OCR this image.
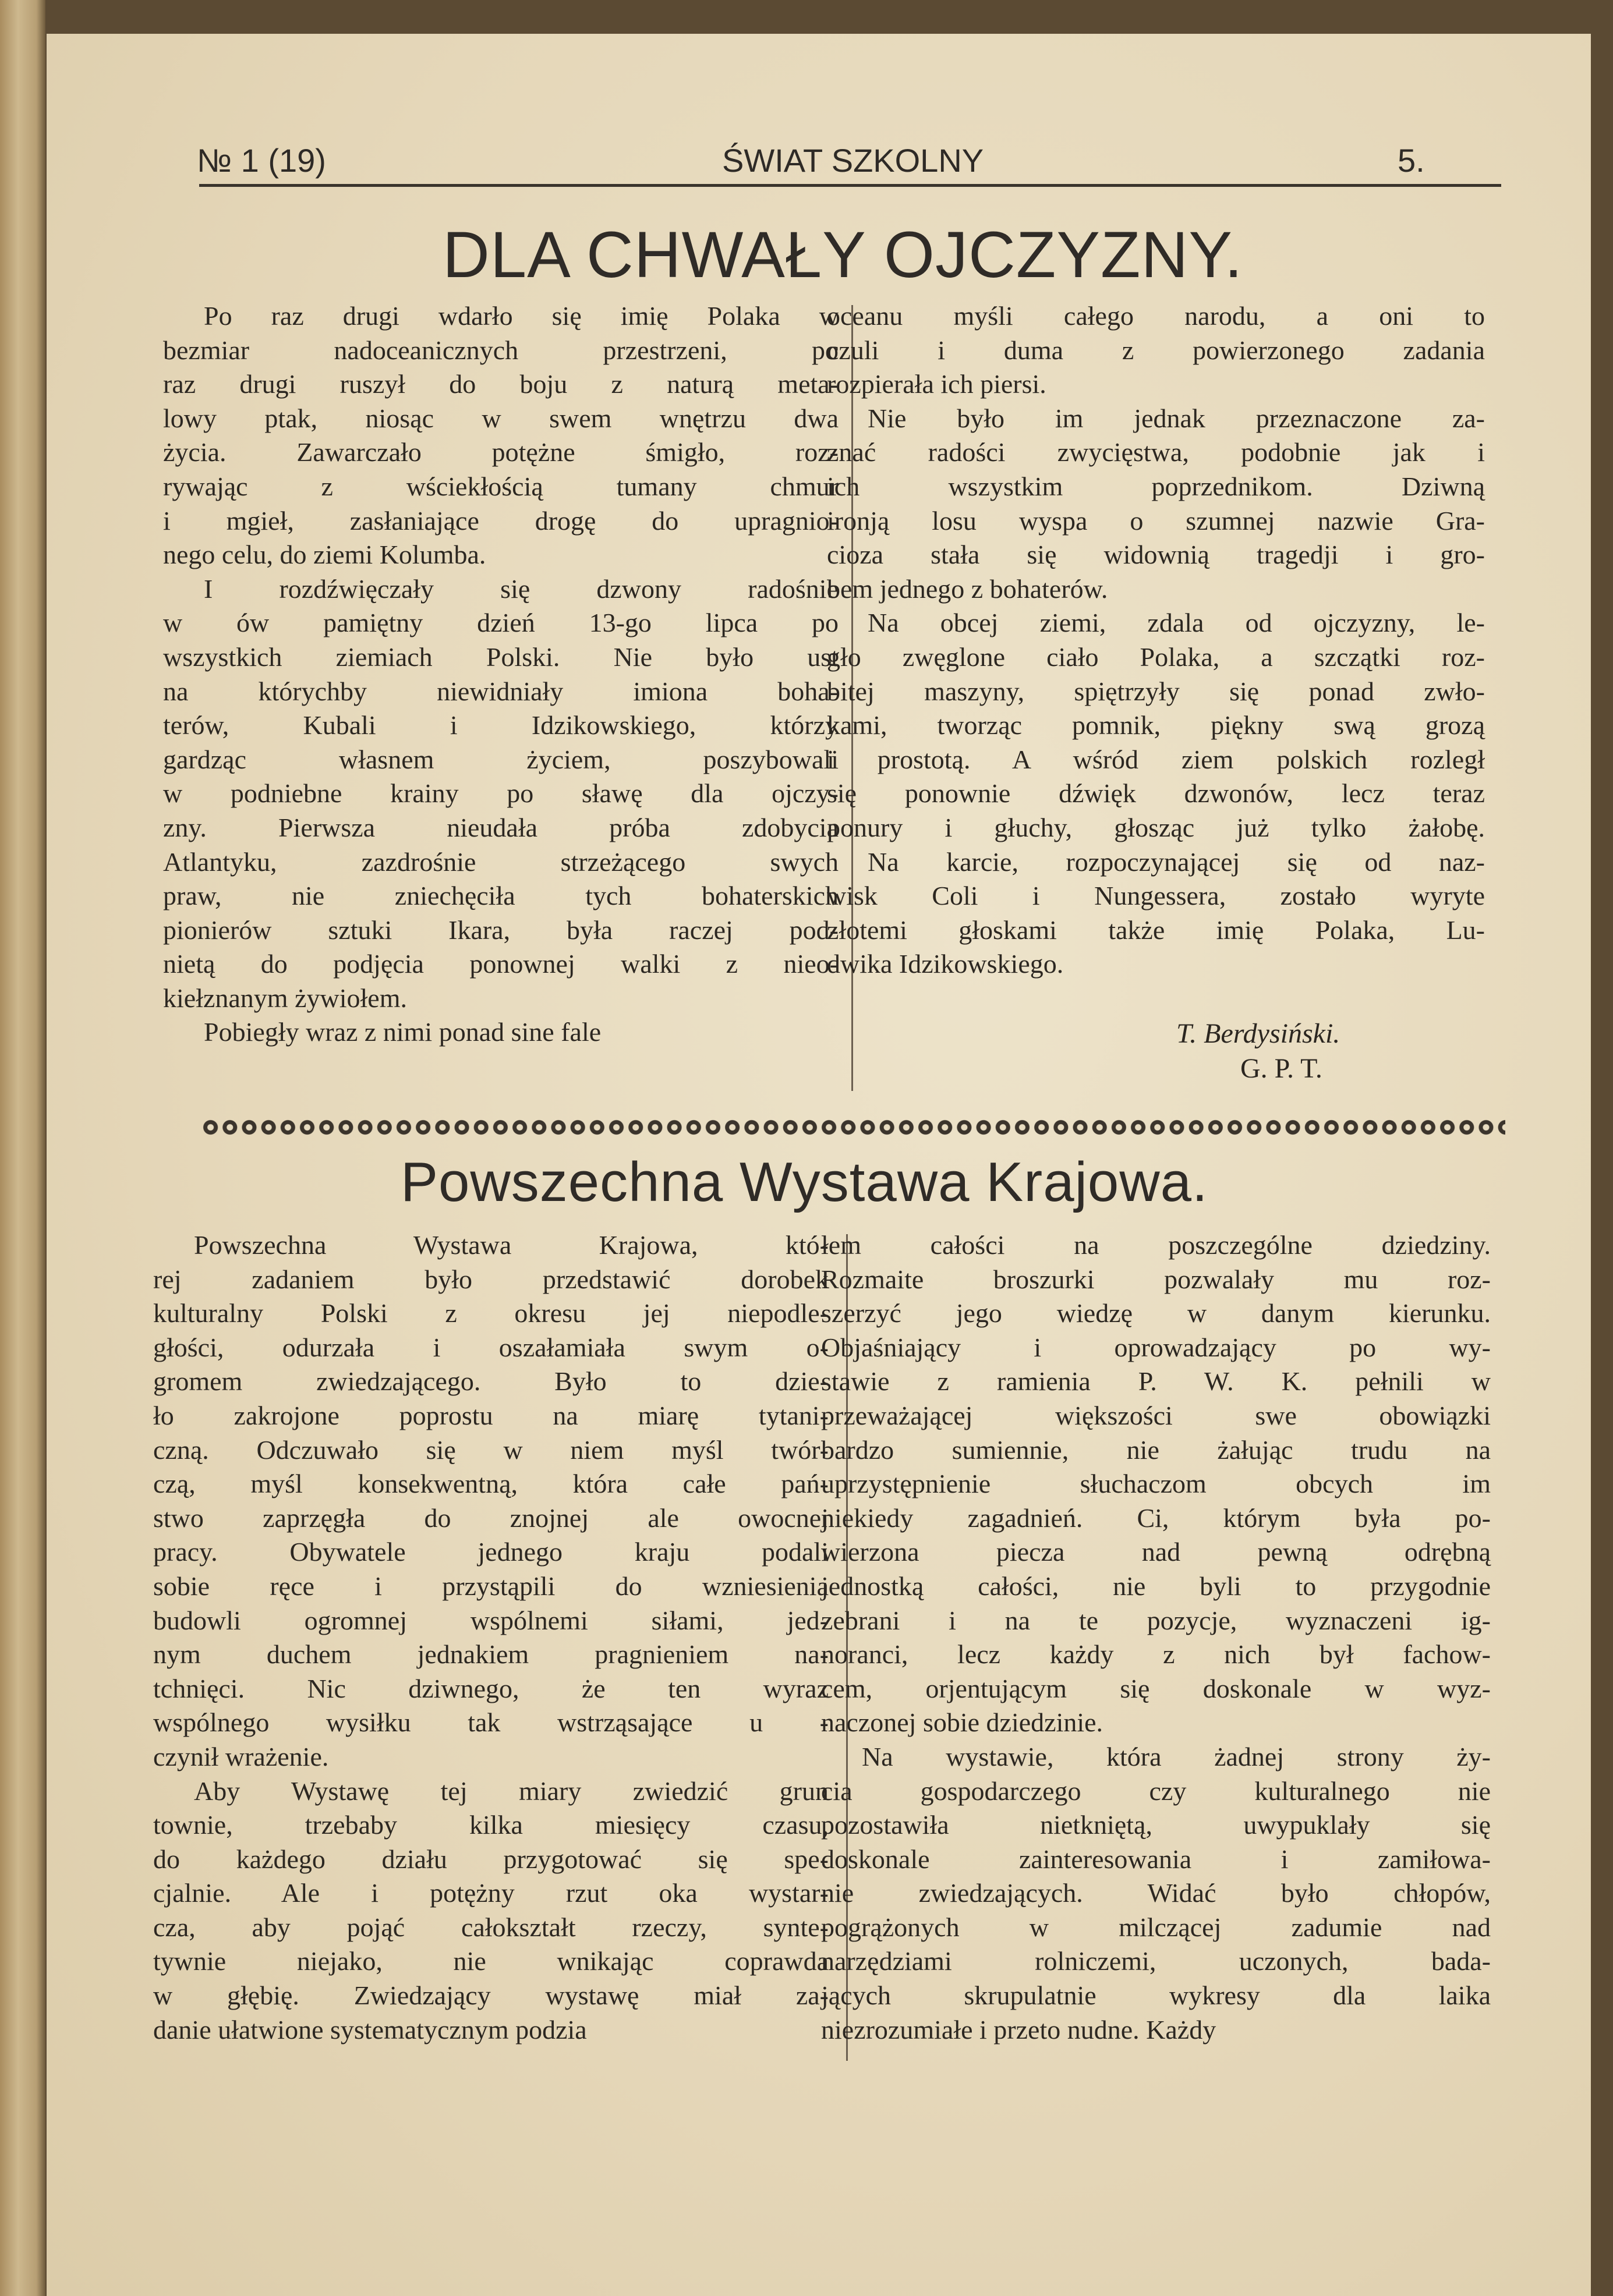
№ 1 (19)	ŚWIAT SZKOLNY	5.
DLA CHWAŁY OJCZYZNY.
Po raz drugi wdarło się imię Polaka w
bezmiar nadoceanicznych przestrzeni, po
raz drugi ruszył do boju z naturą meta-
lowy ptak, niosąc w swem wnętrzu dwa
życia. Zawarczało potężne śmigło, roz-
rywając z wściekłością tumany chmur
i mgieł, zasłaniające drogę do upragnio-
nego celu, do ziemi Kolumba.
I rozdźwięczały się dzwony radośnie
w ów pamiętny dzień 13-go lipca po
wszystkich ziemiach Polski. Nie było ust
na którychby niewidniały imiona boha-
terów, Kubali i Idzikowskiego, którzy
gardząc własnem życiem, poszybowali
w podniebne krainy po sławę dla ojczy-
zny. Pierwsza nieudała próba zdobycia
Atlantyku, zazdrośnie strzeżącego swych
praw, nie zniechęciła tych bohaterskich
pionierów sztuki Ikara, była raczej pod-
nietą do podjęcia ponownej walki z nieo-
kiełznanym żywiołem.
Pobiegły wraz z nimi ponad sine fale
oceanu myśli całego narodu, a oni to
czuli i duma z powierzonego zadania
rozpierała ich piersi.
Nie było im jednak przeznaczone za-
znać radości zwycięstwa, podobnie jak i
ich wszystkim poprzednikom. Dziwną
ironją losu wyspa o szumnej nazwie Gra-
cioza stała się widownią tragedji i gro-
bem jednego z bohaterów.
Na obcej ziemi, zdala od ojczyzny, le-
gło zwęglone ciało Polaka, a szczątki roz-
bitej maszyny, spiętrzyły się ponad zwło-
kami, tworząc pomnik, piękny swą grozą
i prostotą. A wśród ziem polskich rozległ
się ponownie dźwięk dzwonów, lecz teraz
ponury i głuchy, głosząc już tylko żałobę.
Na karcie, rozpoczynającej się od naz-
wisk Coli i Nungessera, zostało wyryte
złotemi głoskami także imię Polaka, Lu-
dwika Idzikowskiego.
T. Berdysiński.
G. P. T.
Powszechna Wystawa Krajowa.
Powszechna Wystawa Krajowa, któ-
rej zadaniem było przedstawić dorobek
kulturalny Polski z okresu jej niepodle-
głości, odurzała i oszałamiała swym o-
gromem zwiedzającego. Było to dzie-
ło zakrojone poprostu na miarę tytani-
czną. Odczuwało się w niem myśl twór-
czą, myśl konsekwentną, która całe pań-
stwo zaprzęgła do znojnej ale owocnej
pracy. Obywatele jednego kraju podali
sobie ręce i przystąpili do wzniesienia
budowli ogromnej wspólnemi siłami, jed-
nym duchem jednakiem pragnieniem na-
tchnięci. Nic dziwnego, że ten wyraz
wspólnego wysiłku tak wstrząsające u -
czynił wrażenie.
Aby Wystawę tej miary zwiedzić grun
townie, trzebaby kilka miesięcy czasu,
do każdego działu przygotować się spe-
cjalnie. Ale i potężny rzut oka wystar-
cza, aby pojąć całokształt rzeczy, synte-
tywnie niejako, nie wnikając coprawda
w głębię. Zwiedzający wystawę miał za-
danie ułatwione systematycznym podzia
łem całości na poszczególne dziedziny.
Rozmaite broszurki pozwalały mu roz-
szerzyć jego wiedzę w danym kierunku.
Objaśniający i oprowadzający po wy-
stawie z ramienia P. W. K. pełnili w
przeważającej większości swe obowiązki
bardzo sumiennie, nie żałując trudu na
uprzystępnienie słuchaczom obcych im
niekiedy zagadnień. Ci, którym była po-
wierzona piecza nad pewną odrębną
jednostką całości, nie byli to przygodnie
zebrani i na te pozycje, wyznaczeni ig-
noranci, lecz każdy z nich był fachow-
cem, orjentującym się doskonale w wyz-
naczonej sobie dziedzinie.
Na wystawie, która żadnej strony ży-
cia gospodarczego czy kulturalnego nie
pozostawiła nietkniętą, uwypuklały się
doskonale zainteresowania i zamiłowa-
nie zwiedzających. Widać było chłopów,
pogrążonych w milczącej zadumie nad
narzędziami rolniczemi, uczonych, bada-
jących skrupulatnie wykresy dla laika
niezrozumiałe i przeto nudne. Każdy
